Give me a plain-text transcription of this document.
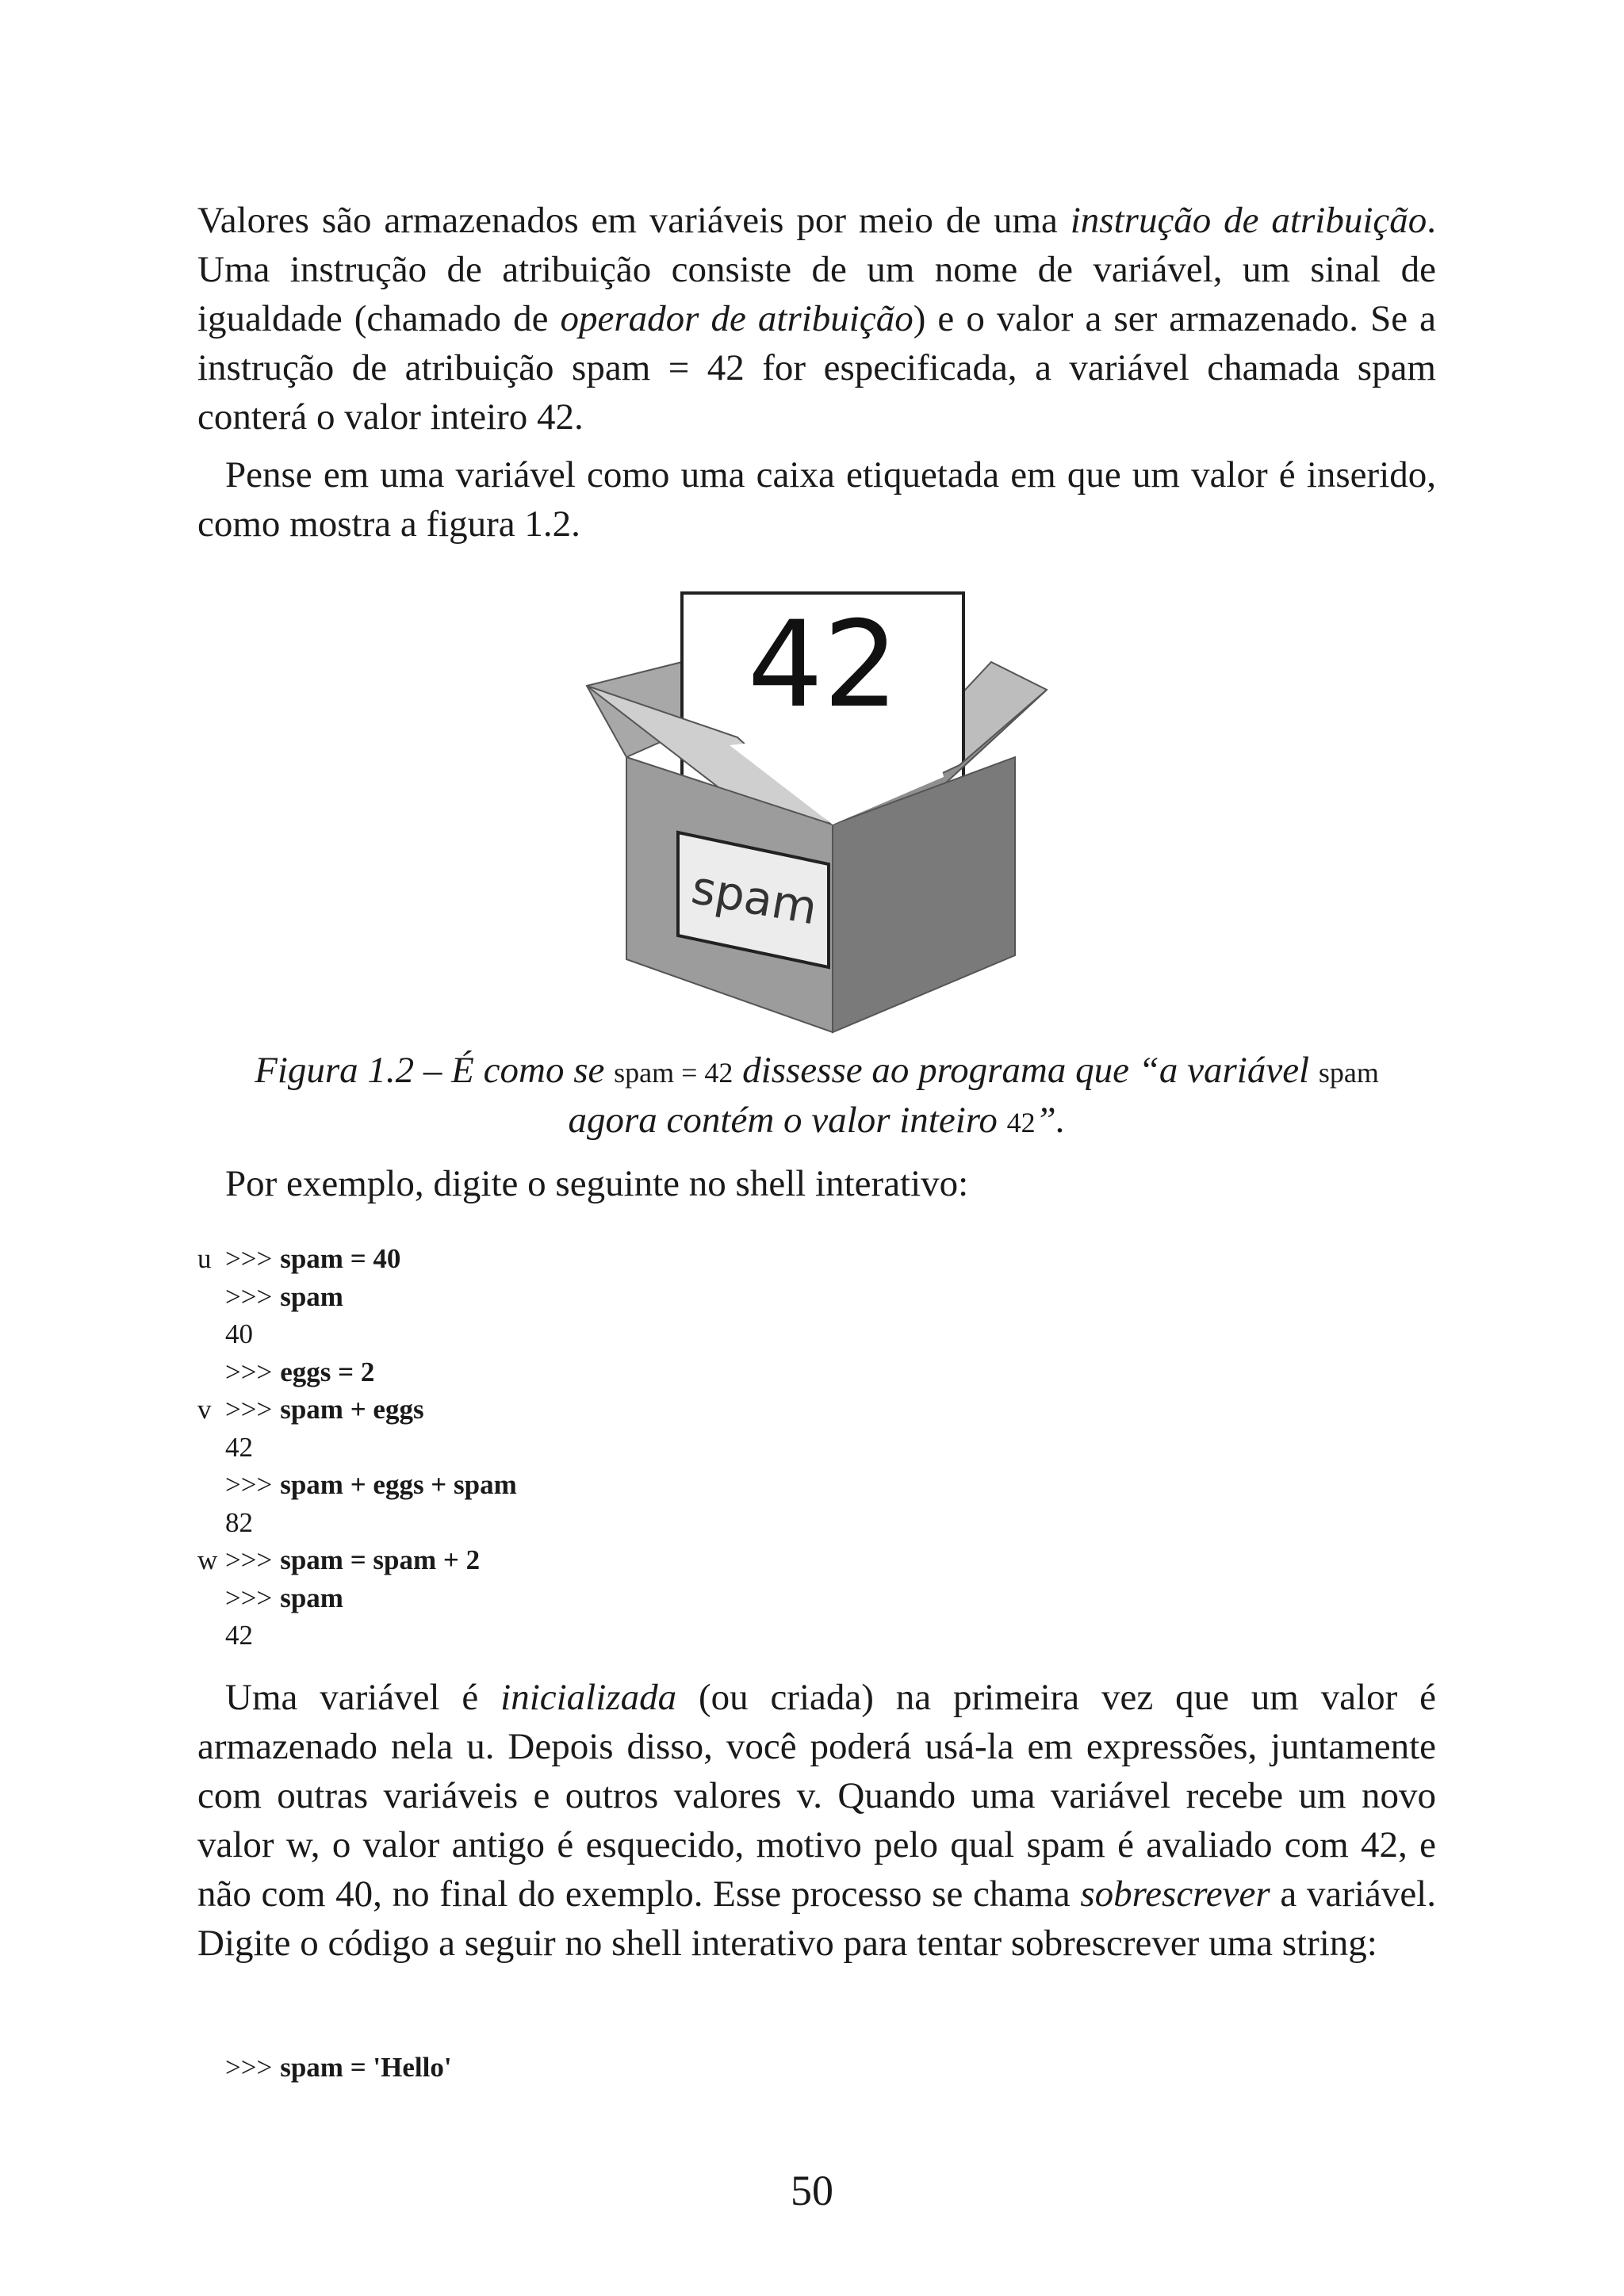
Valores são armazenados em variáveis por meio de uma instrução de atribuição. Uma instrução de atribuição consiste de um nome de variável, um sinal de igualdade (chamado de operador de atribuição) e o valor a ser armazenado. Se a instrução de atribuição spam = 42 for especificada, a variável chamada spam conterá o valor inteiro 42.

Pense em uma variável como uma caixa etiquetada em que um valor é inserido, como mostra a figura 1.2.

42
spam
Figura 1.2 – É como se spam = 42 dissesse ao programa que “a variável spam
agora contém o valor inteiro 42”.

Por exemplo, digite o seguinte no shell interativo:

u >>> spam = 40
>>> spam
40
>>> eggs = 2
v >>> spam + eggs
42
>>> spam + eggs + spam
82
w >>> spam = spam + 2
>>> spam
42

Uma variável é inicializada (ou criada) na primeira vez que um valor é armazenado nela u. Depois disso, você poderá usá-la em expressões, juntamente com outras variáveis e outros valores v. Quando uma variável recebe um novo valor w, o valor antigo é esquecido, motivo pelo qual spam é avaliado com 42, e não com 40, no final do exemplo. Esse processo se chama sobrescrever a variável. Digite o código a seguir no shell interativo para tentar sobrescrever uma string:

>>> spam = 'Hello'
50
